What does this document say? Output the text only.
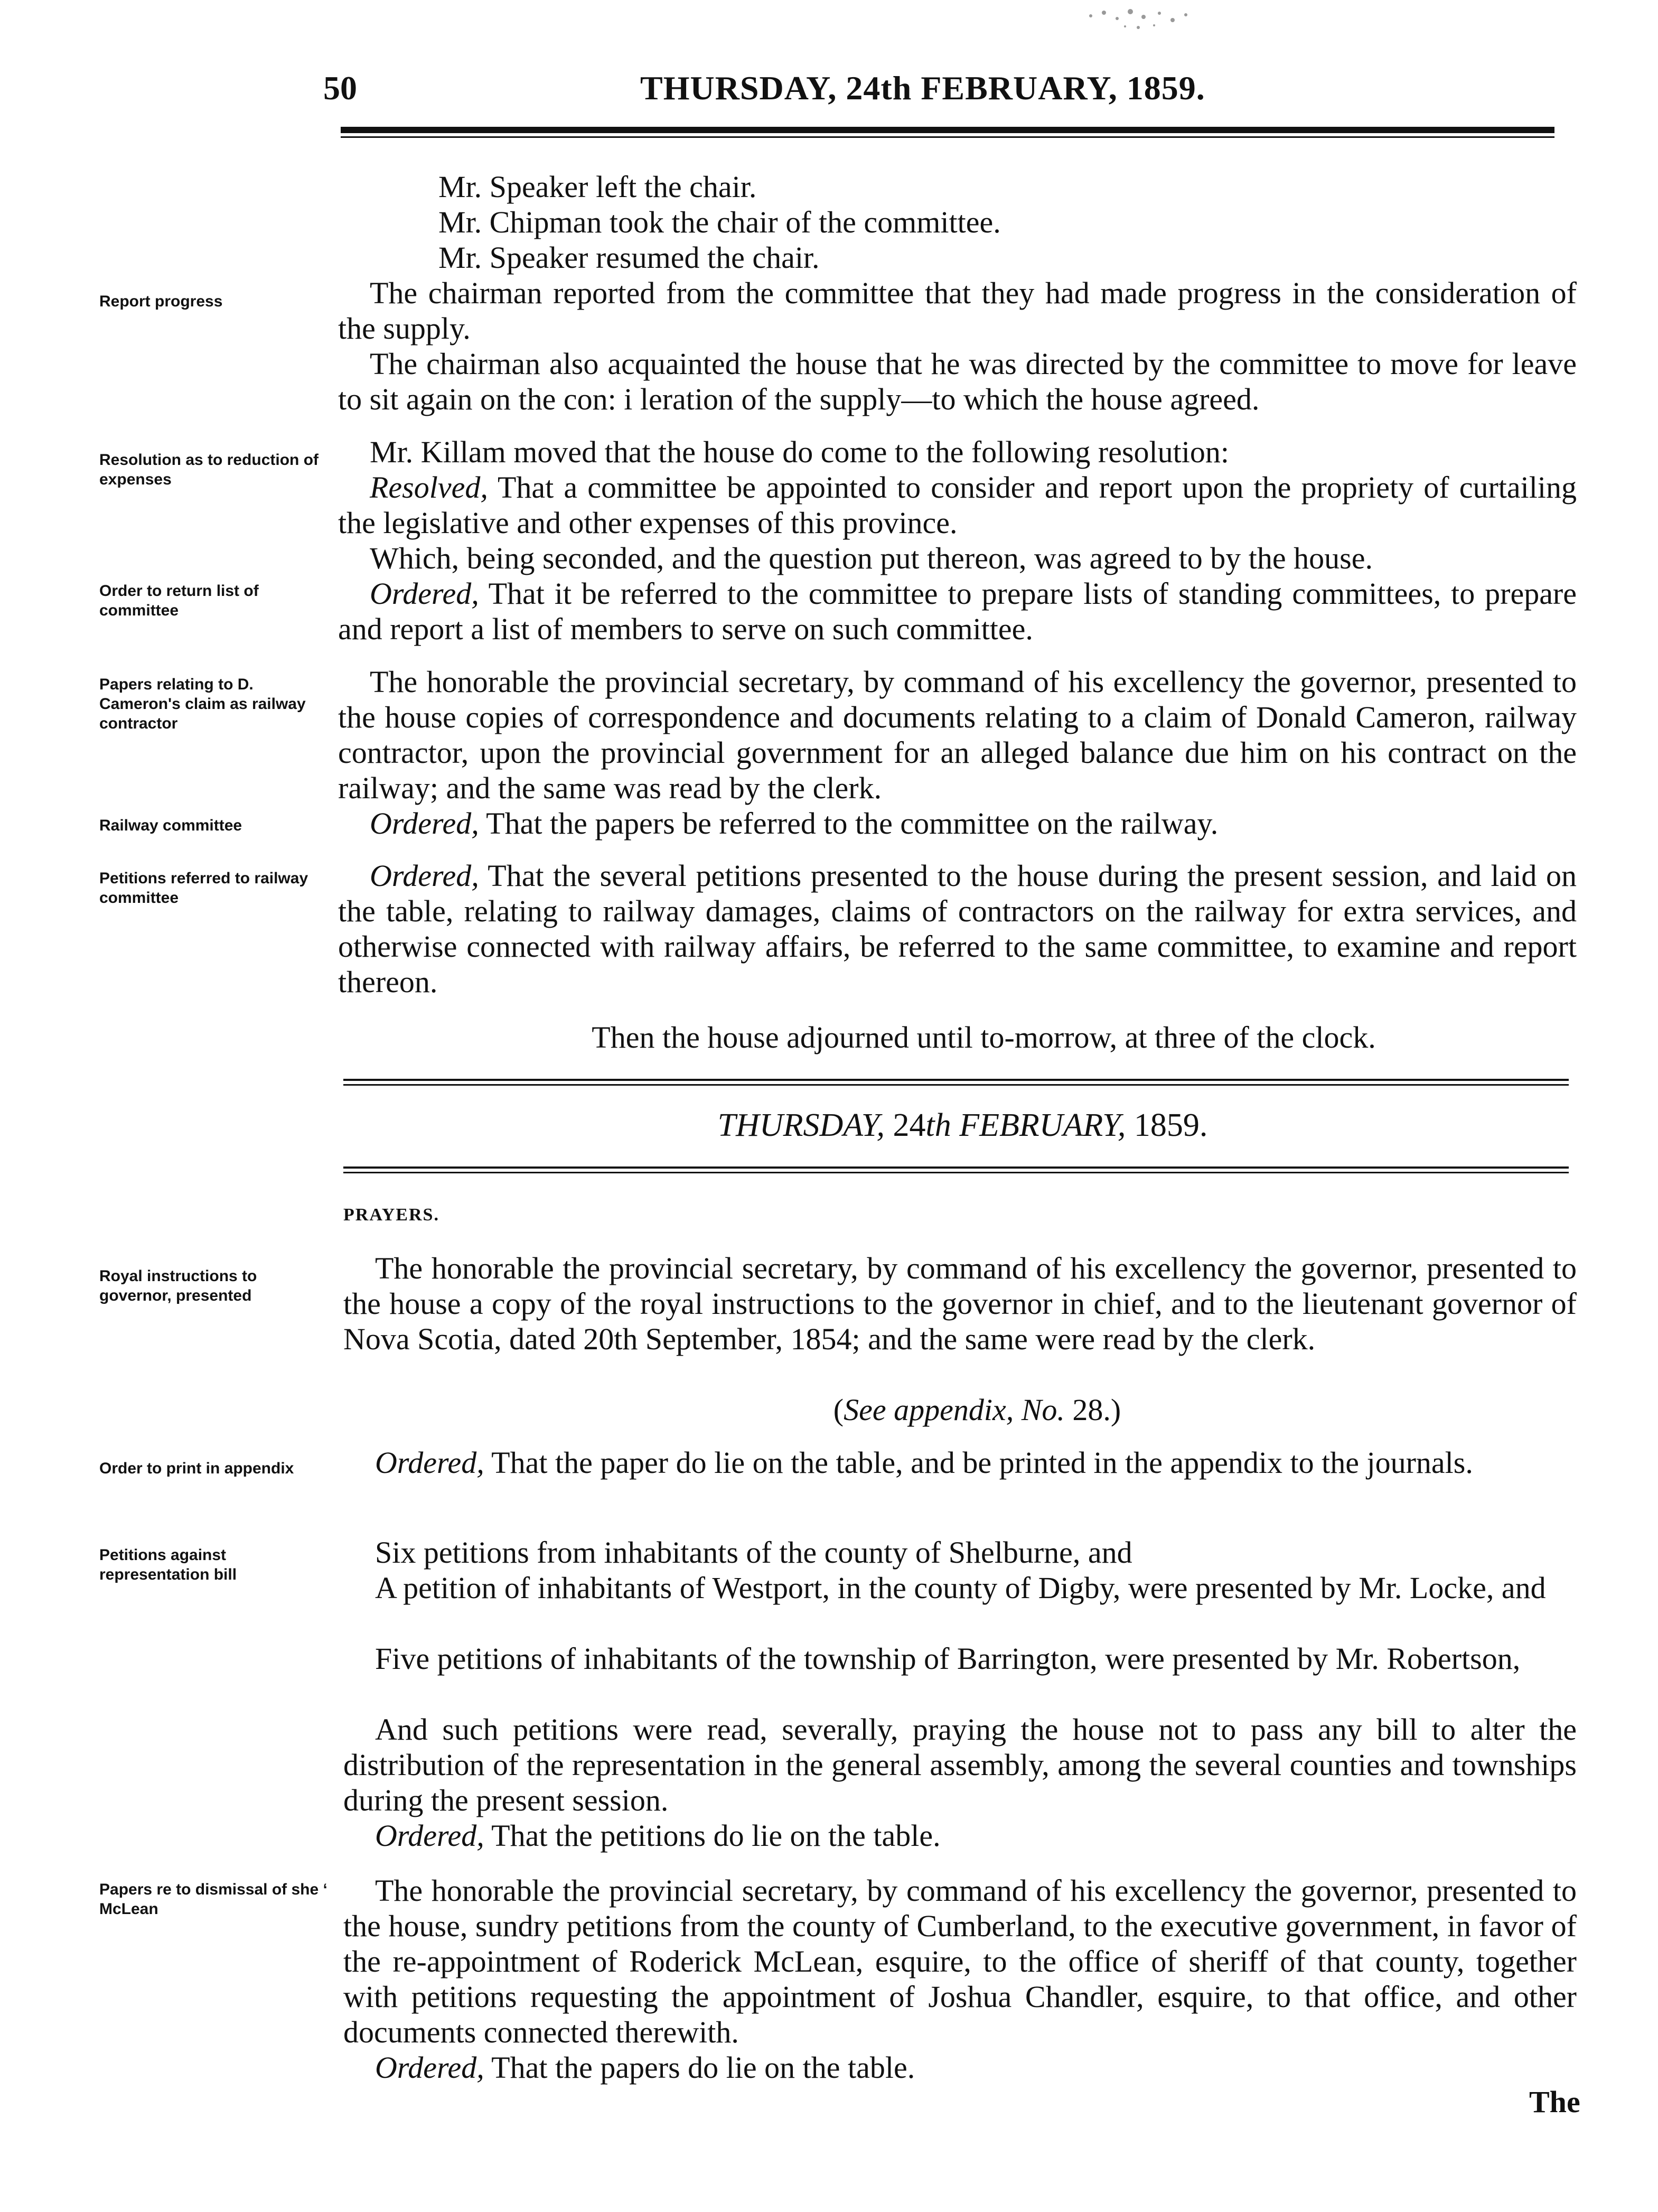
50	THURSDAY, 24th FEBRUARY, 1859.
Report progress
Resolution as to reduction of expenses
Order to return list of committee
Papers relating to D. Cameron's claim as railway contractor
Railway committee
Petitions referred to railway committee
Royal instructions to governor, presented
Order to print in appendix
Petitions against representation bill
Papers re to dismissal of she ‘ McLean
Mr. Speaker left the chair.
Mr. Chipman took the chair of the committee.
Mr. Speaker resumed the chair.
The chairman reported from the committee that they had made progress in the consideration of the supply.
The chairman also acquainted the house that he was directed by the committee to move for leave to sit again on the con: i leration of the supply—to which the house agreed.
Mr. Killam moved that the house do come to the following resolution:
Resolved, That a committee be appointed to consider and report upon the propriety of curtailing the legislative and other expenses of this province.
Which, being seconded, and the question put thereon, was agreed to by the house.
Ordered, That it be referred to the committee to prepare lists of standing committees, to prepare and report a list of members to serve on such committee.
The honorable the provincial secretary, by command of his excellency the governor, presented to the house copies of correspondence and documents relating to a claim of Donald Cameron, railway contractor, upon the provincial government for an alleged balance due him on his contract on the railway; and the same was read by the clerk.
Ordered, That the papers be referred to the committee on the railway.
Ordered, That the several petitions presented to the house during the present session, and laid on the table, relating to railway damages, claims of contractors on the railway for extra services, and otherwise connected with railway affairs, be referred to the same committee, to examine and report thereon.
Then the house adjourned until to-morrow, at three of the clock.
THURSDAY, 24th FEBRUARY, 1859.
PRAYERS.
The honorable the provincial secretary, by command of his excellency the governor, presented to the house a copy of the royal instructions to the governor in chief, and to the lieutenant governor of Nova Scotia, dated 20th September, 1854; and the same were read by the clerk.
(See appendix, No. 28.)
Ordered, That the paper do lie on the table, and be printed in the appendix to the journals.
Six petitions from inhabitants of the county of Shelburne, and
A petition of inhabitants of Westport, in the county of Digby, were presented by Mr. Locke, and
Five petitions of inhabitants of the township of Barrington, were presented by Mr. Robertson,
And such petitions were read, severally, praying the house not to pass any bill to alter the distribution of the representation in the general assembly, among the several counties and townships during the present session.
Ordered, That the petitions do lie on the table.
The honorable the provincial secretary, by command of his excellency the governor, presented to the house, sundry petitions from the county of Cumberland, to the executive government, in favor of the re-appointment of Roderick McLean, esquire, to the office of sheriff of that county, together with petitions requesting the appointment of Joshua Chandler, esquire, to that office, and other documents connected therewith.
Ordered, That the papers do lie on the table.
The
